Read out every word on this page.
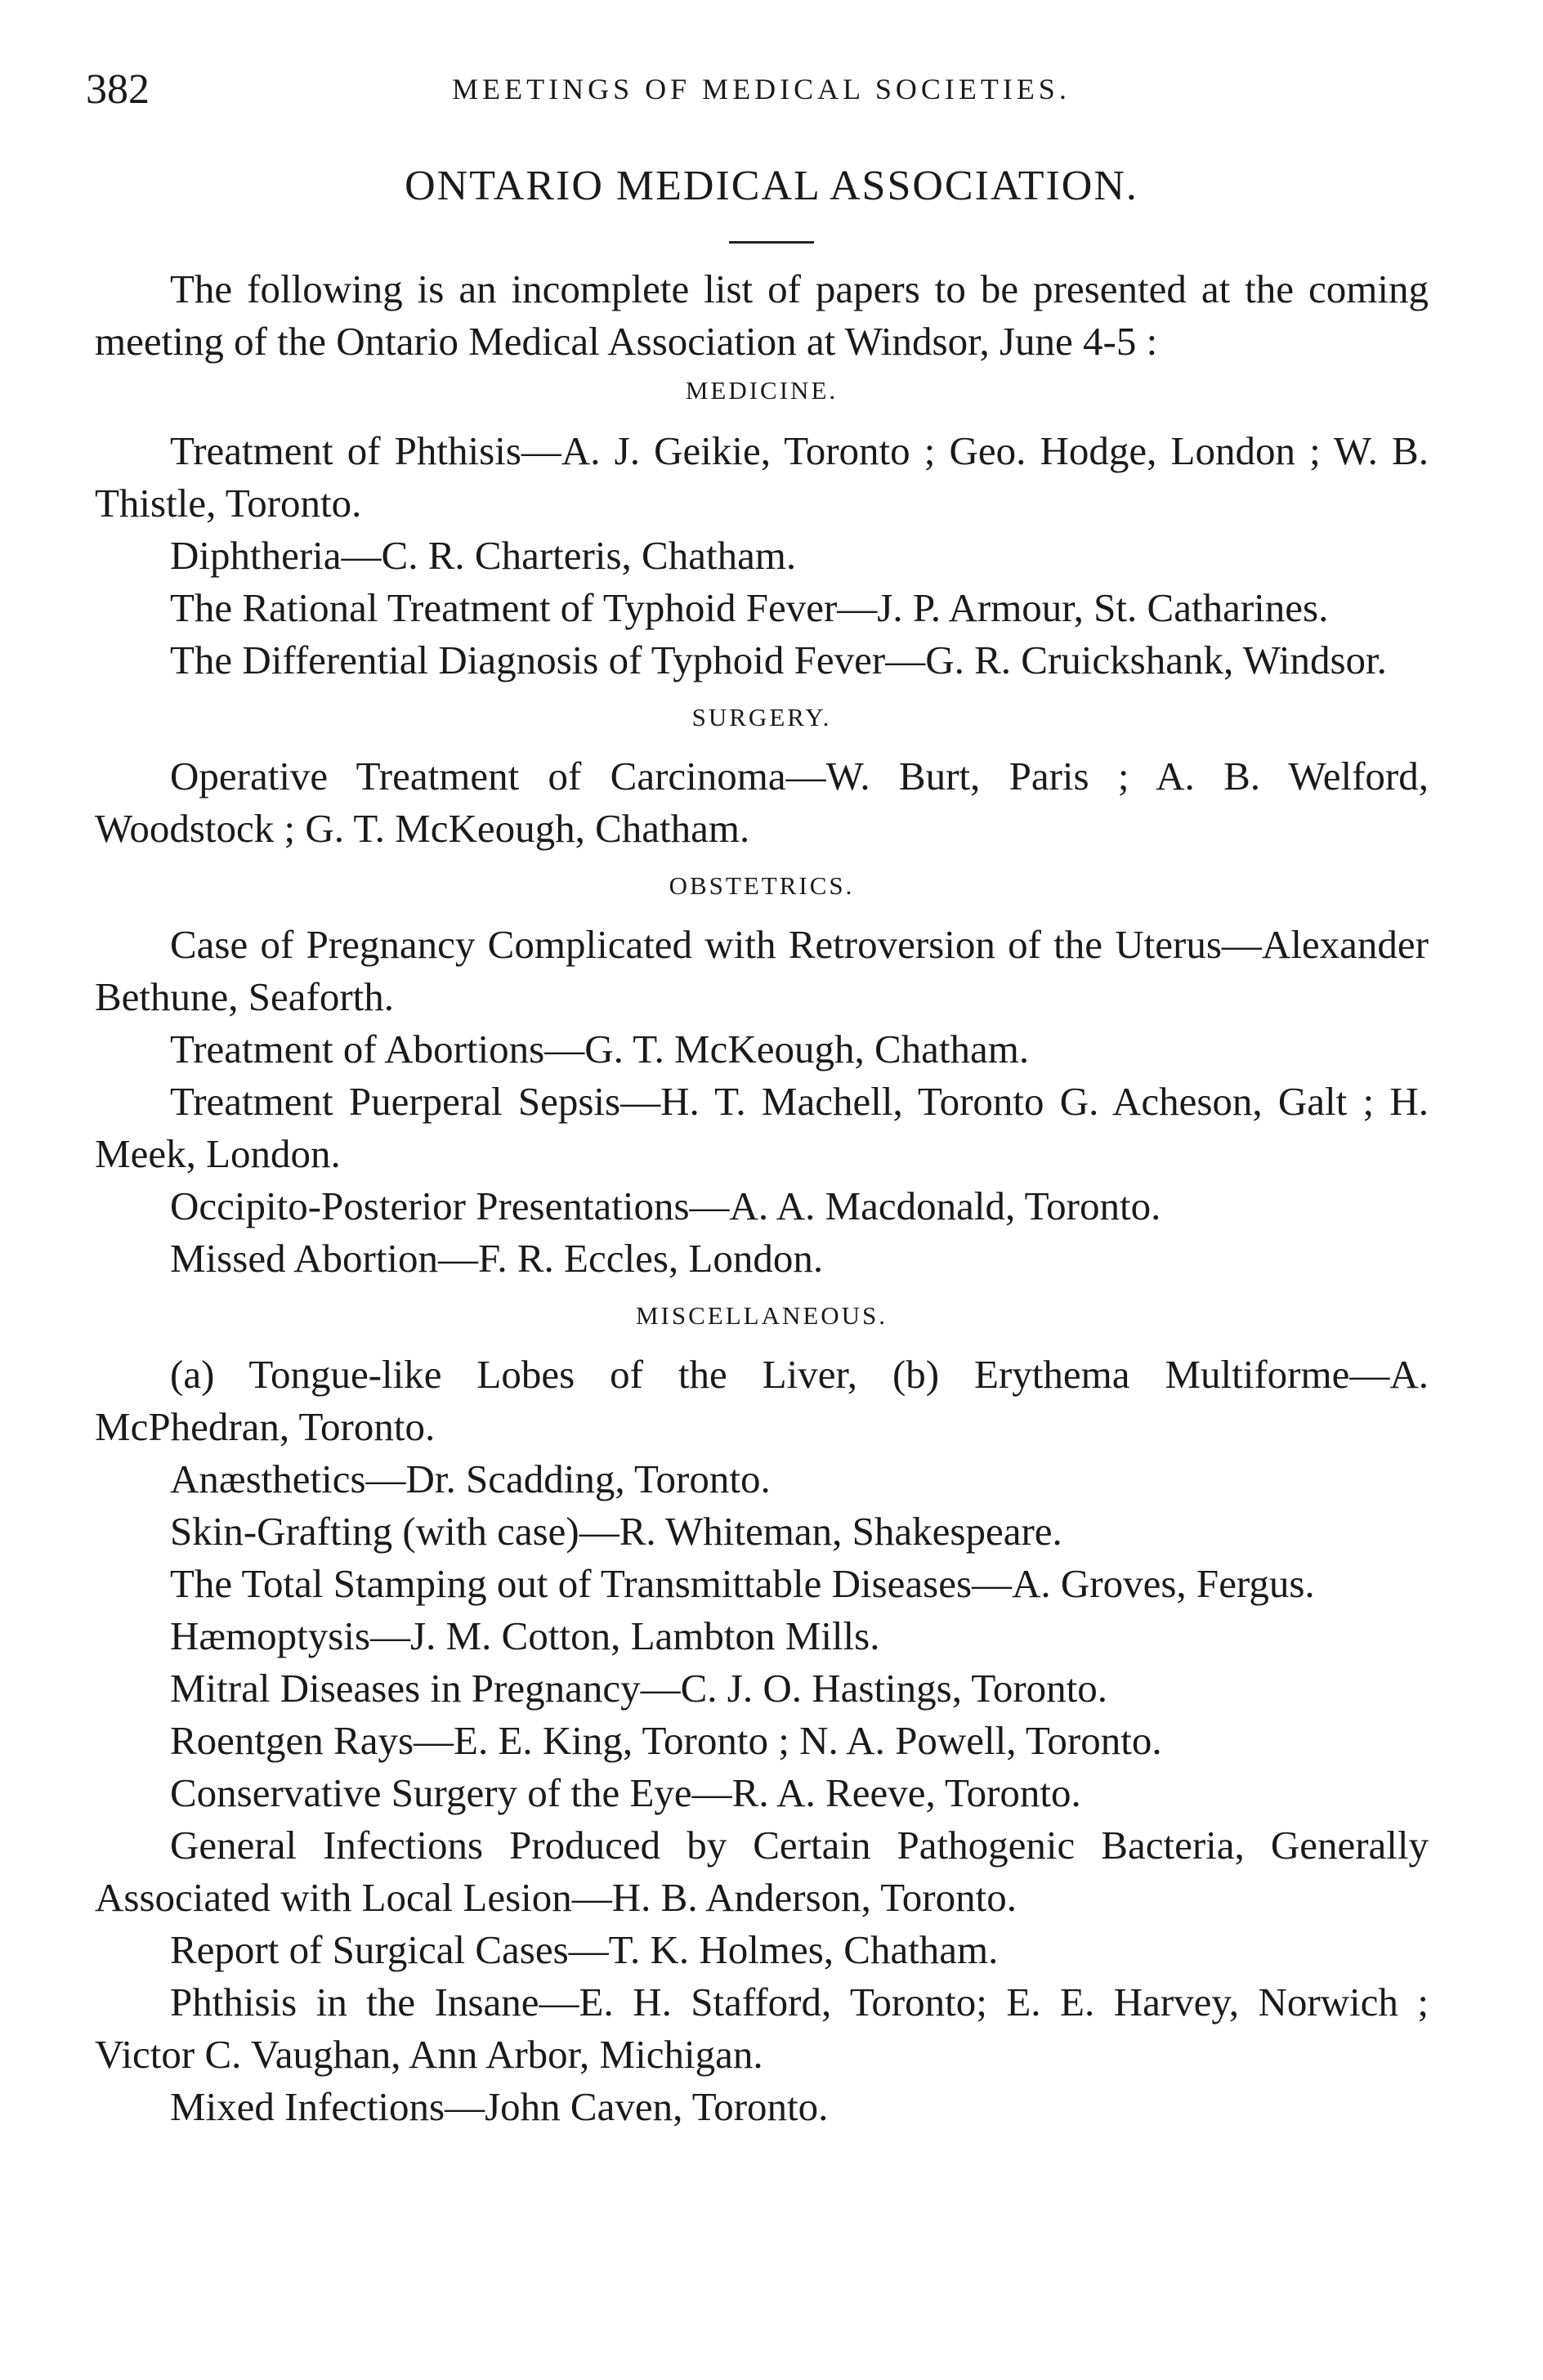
382	MEETINGS OF MEDICAL SOCIETIES.
ONTARIO MEDICAL ASSOCIATION.

The following is an incomplete list of papers to be presented at the coming meeting of the Ontario Medical Association at Windsor, June 4-5 :

MEDICINE.

Treatment of Phthisis—A. J. Geikie, Toronto ; Geo. Hodge, London ; W. B. Thistle, Toronto.

Diphtheria—C. R. Charteris, Chatham.

The Rational Treatment of Typhoid Fever—J. P. Armour, St. Catharines.

The Differential Diagnosis of Typhoid Fever—G. R. Cruickshank, Windsor.

SURGERY.

Operative Treatment of Carcinoma—W. Burt, Paris ; A. B. Welford, Woodstock ; G. T. McKeough, Chatham.

OBSTETRICS.

Case of Pregnancy Complicated with Retroversion of the Uterus—Alexander Bethune, Seaforth.

Treatment of Abortions—G. T. McKeough, Chatham.

Treatment Puerperal Sepsis—H. T. Machell, Toronto G. Acheson, Galt ; H. Meek, London.

Occipito-Posterior Presentations—A. A. Macdonald, Toronto.

Missed Abortion—F. R. Eccles, London.

MISCELLANEOUS.

(a) Tongue-like Lobes of the Liver, (b) Erythema Multiforme—A. McPhedran, Toronto.

Anæsthetics—Dr. Scadding, Toronto.

Skin-Grafting (with case)—R. Whiteman, Shakespeare.

The Total Stamping out of Transmittable Diseases—A. Groves, Fergus.

Hæmoptysis—J. M. Cotton, Lambton Mills.

Mitral Diseases in Pregnancy—C. J. O. Hastings, Toronto.

Roentgen Rays—E. E. King, Toronto ; N. A. Powell, Toronto.

Conservative Surgery of the Eye—R. A. Reeve, Toronto.

General Infections Produced by Certain Pathogenic Bacteria, Generally Associated with Local Lesion—H. B. Anderson, Toronto.

Report of Surgical Cases—T. K. Holmes, Chatham.

Phthisis in the Insane—E. H. Stafford, Toronto; E. E. Harvey, Norwich ; Victor C. Vaughan, Ann Arbor, Michigan.

Mixed Infections—John Caven, Toronto.
